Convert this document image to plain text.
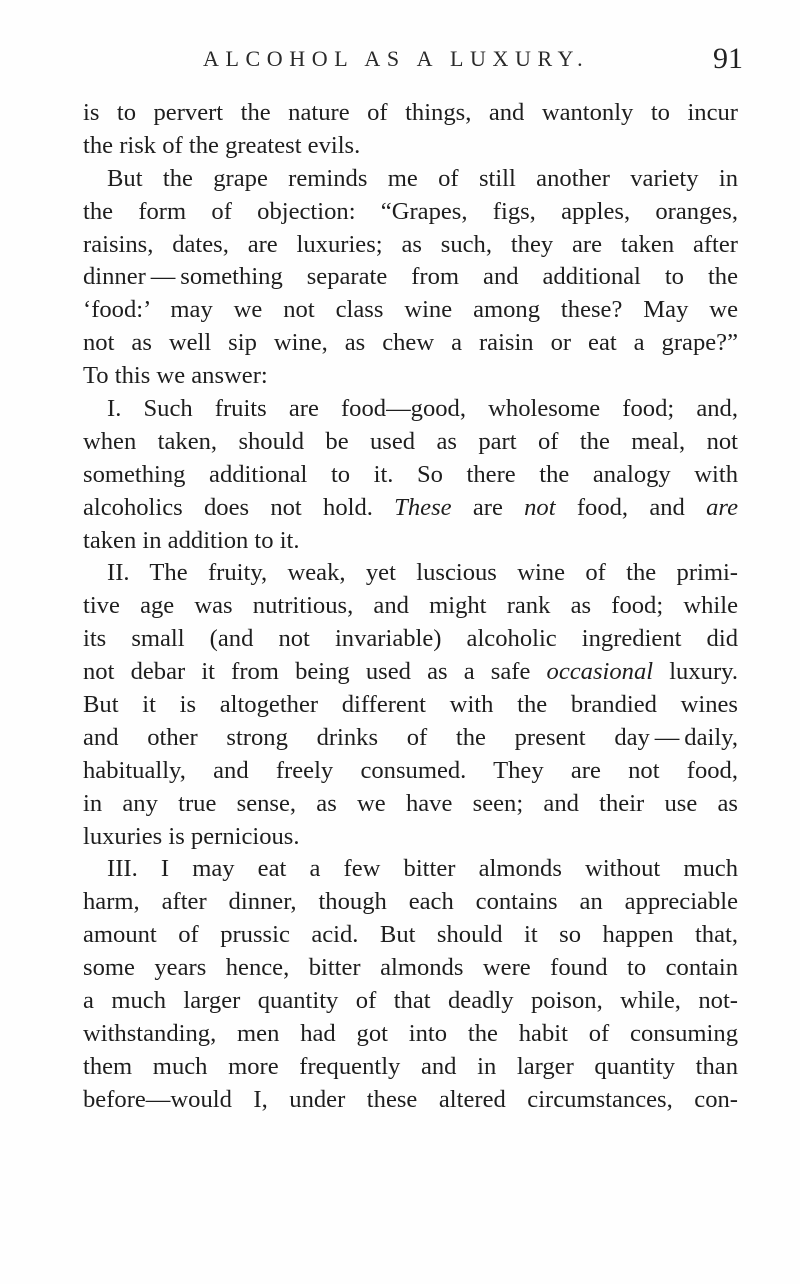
ALCOHOL AS A LUXURY.	91
is to pervert the nature of things, and wantonly to incur
the risk of the greatest evils.
But the grape reminds me of still another variety in
the form of objection: “Grapes, figs, apples, oranges,
raisins, dates, are luxuries; as such, they are taken after
dinner — something separate from and additional to the
‘food:’ may we not class wine among these? May we
not as well sip wine, as chew a raisin or eat a grape?”
To this we answer:
I. Such fruits are food—good, wholesome food; and,
when taken, should be used as part of the meal, not
something additional to it. So there the analogy with
alcoholics does not hold. These are not food, and are
taken in addition to it.
II. The fruity, weak, yet luscious wine of the primi-
tive age was nutritious, and might rank as food; while
its small (and not invariable) alcoholic ingredient did
not debar it from being used as a safe occasional luxury.
But it is altogether different with the brandied wines
and other strong drinks of the present day — daily,
habitually, and freely consumed. They are not food,
in any true sense, as we have seen; and their use as
luxuries is pernicious.
III. I may eat a few bitter almonds without much
harm, after dinner, though each contains an appreciable
amount of prussic acid. But should it so happen that,
some years hence, bitter almonds were found to contain
a much larger quantity of that deadly poison, while, not-
withstanding, men had got into the habit of consuming
them much more frequently and in larger quantity than
before—would I, under these altered circumstances, con-
